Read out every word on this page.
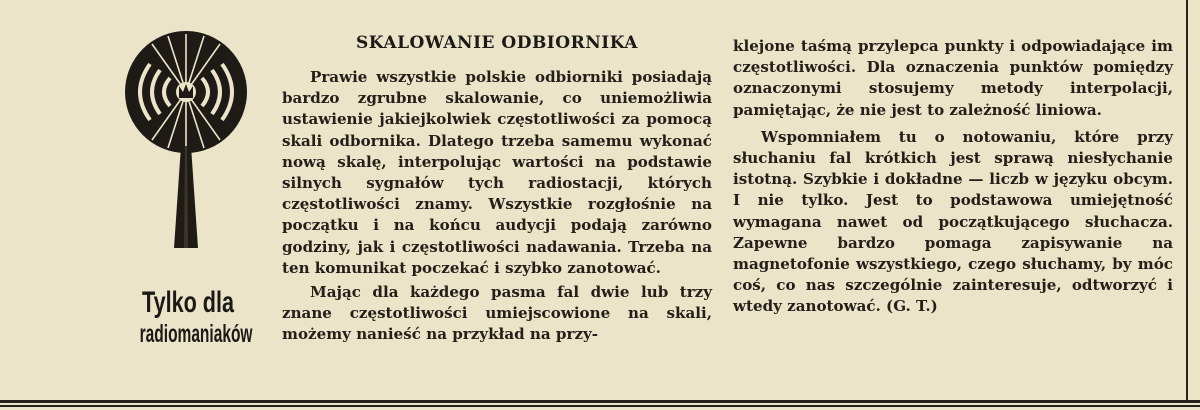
Tylko dla
radiomaniaków
SKALOWANIE ODBIORNIKA

Prawie wszystkie polskie odbiorniki posiadają bardzo zgrubne skalowanie, co uniemożliwia ustawienie jakiejkolwiek częstotliwości za pomocą skali odbornika. Dlatego trzeba samemu wykonać nową skalę, interpolując wartości na podstawie silnych sygnałów tych radiostacji, których częstotliwości znamy. Wszystkie rozgłośnie na początku i na końcu audycji podają zarówno godziny, jak i częstotliwości nadawania. Trzeba na ten komunikat poczekać i szybko zanotować.

Mając dla każdego pasma fal dwie lub trzy znane częstotliwości umiejscowione na skali, możemy nanieść na przykład na przy-

klejone taśmą przylepca punkty i odpowiadające im częstotliwości. Dla oznaczenia punktów pomiędzy oznaczonymi stosujemy metody interpolacji, pamiętając, że nie jest to zależność liniowa.

Wspomniałem tu o notowaniu, które przy słuchaniu fal krótkich jest sprawą niesłychanie istotną. Szybkie i dokładne — liczb w języku obcym. I nie tylko. Jest to podstawowa umiejętność wymagana nawet od początkującego słuchacza. Zapewne bardzo pomaga zapisywanie na magnetofonie wszystkiego, czego słuchamy, by móc coś, co nas szczególnie zainteresuje, odtworzyć i wtedy zanotować. (G. T.)
